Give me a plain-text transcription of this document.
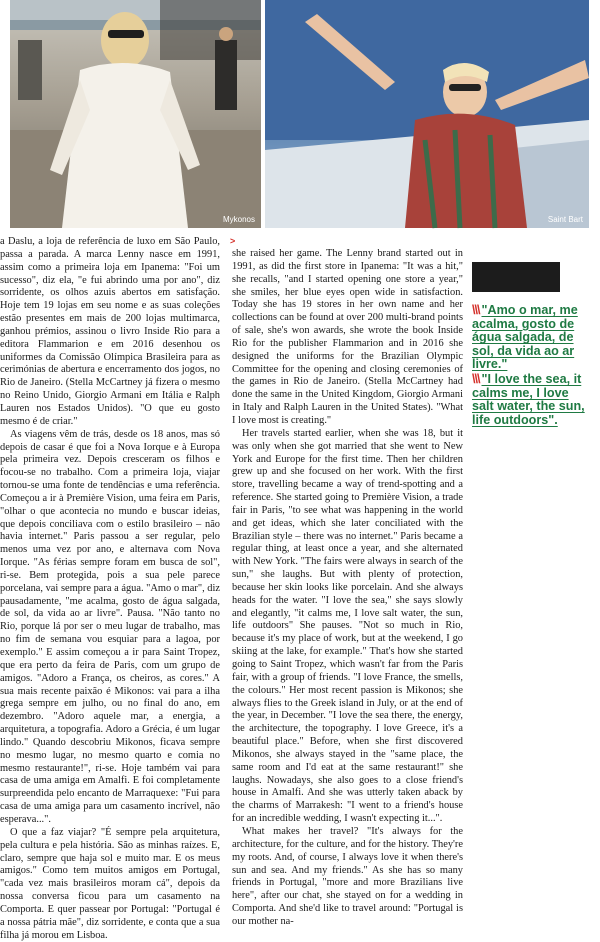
Mykonos	Saint Bart
>

a Daslu, a loja de referência de luxo em São Paulo, passa a parada. A marca Lenny nasce em 1991, assim como a primeira loja em Ipanema: "Foi um sucesso", diz ela, "e fui abrindo uma por ano", diz sorridente, os olhos azuis abertos em satisfação. Hoje tem 19 lojas em seu nome e as suas coleções estão presentes em mais de 200 lojas multimarca, ganhou prémios, assinou o livro Inside Rio para a editora Flammarion e em 2016 desenhou os uniformes da Comissão Olímpica Brasileira para as cerimónias de abertura e encerramento dos jogos, no Rio de Janeiro. (Stella McCartney já fizera o mesmo no Reino Unido, Giorgio Armani em Itália e Ralph Lauren nos Estados Unidos). "O que eu gosto mesmo é de criar."

As viagens vêm de trás, desde os 18 anos, mas só depois de casar é que foi a Nova Iorque e à Europa pela primeira vez. Depois cresceram os filhos e focou-se no trabalho. Com a primeira loja, viajar tornou-se uma fonte de tendências e uma referência. Começou a ir à Première Vision, uma feira em Paris, "olhar o que acontecia no mundo e buscar ideias, que depois conciliava com o estilo brasileiro – não havia internet." Paris passou a ser regular, pelo menos uma vez por ano, e alternava com Nova Iorque. "As férias sempre foram em busca de sol", ri-se. Bem protegida, pois a sua pele parece porcelana, vai sempre para a água. "Amo o mar", diz pausadamente, "me acalma, gosto de água salgada, de sol, da vida ao ar livre". Pausa. "Não tanto no Rio, porque lá por ser o meu lugar de trabalho, mas no fim de semana vou esquiar para a lagoa, por exemplo." E assim começou a ir para Saint Tropez, que era perto da feira de Paris, com um grupo de amigos. "Adoro a França, os cheiros, as cores." A sua mais recente paixão é Mikonos: vai para a ilha grega sempre em julho, ou no final do ano, em dezembro. "Adoro aquele mar, a energia, a arquitetura, a topografia. Adoro a Grécia, é um lugar lindo." Quando descobriu Mikonos, ficava sempre no mesmo lugar, no mesmo quarto e comia no mesmo restaurante!", ri-se. Hoje também vai para casa de uma amiga em Amalfi. E foi completamente surpreendida pelo encanto de Marraquexe: "Fui para casa de uma amiga para um casamento incrível, não esperava...".

O que a faz viajar? "É sempre pela arquitetura, pela cultura e pela história. São as minhas raízes. E, claro, sempre que haja sol e muito mar. E os meus amigos." Como tem muitos amigos em Portugal, "cada vez mais brasileiros moram cá", depois da nossa conversa ficou para um casamento na Comporta. E quer passear por Portugal: "Portugal é a nossa pátria mãe", diz sorridente, e conta que a sua filha já morou em Lisboa.

she raised her game. The Lenny brand started out in 1991, as did the first store in Ipanema: "It was a hit," she recalls, "and I started opening one store a year," she smiles, her blue eyes open wide in satisfaction. Today she has 19 stores in her own name and her collections can be found at over 200 multi-brand points of sale, she's won awards, she wrote the book Inside Rio for the publisher Flammarion and in 2016 she designed the uniforms for the Brazilian Olympic Committee for the opening and closing ceremonies of the games in Rio de Janeiro. (Stella McCartney had done the same in the United Kingdom, Giorgio Armani in Italy and Ralph Lauren in the United States). "What I love most is creating."

Her travels started earlier, when she was 18, but it was only when she got married that she went to New York and Europe for the first time. Then her children grew up and she focused on her work. With the first store, travelling became a way of trend-spotting and a reference. She started going to Première Vision, a trade fair in Paris, "to see what was happening in the world and get ideas, which she later conciliated with the Brazilian style – there was no internet." Paris became a regular thing, at least once a year, and she alternated with New York. "The fairs were always in search of the sun," she laughs. But with plenty of protection, because her skin looks like porcelain. And she always heads for the water. "I love the sea," she says slowly and elegantly, "it calms me, I love salt water, the sun, life outdoors" She pauses. "Not so much in Rio, because it's my place of work, but at the weekend, I go skiing at the lake, for example." That's how she started going to Saint Tropez, which wasn't far from the Paris fair, with a group of friends. "I love France, the smells, the colours." Her most recent passion is Mikonos; she always flies to the Greek island in July, or at the end of the year, in December. "I love the sea there, the energy, the architecture, the topography. I love Greece, it's a beautiful place." Before, when she first discovered Mikonos, she always stayed in the "same place, the same room and I'd eat at the same restaurant!" she laughs. Nowadays, she also goes to a close friend's house in Amalfi. And she was utterly taken aback by the charms of Marrakesh: "I went to a friend's house for an incredible wedding, I wasn't expecting it...".

What makes her travel? "It's always for the architecture, for the culture, and for the history. They're my roots. And, of course, I always love it when there's sun and sea. And my friends." As she has so many friends in Portugal, "more and more Brazilians live here", after our chat, she stayed on for a wedding in Comporta. And she'd like to travel around: "Portugal is our mother na-

\\\ "Amo o mar, me acalma, gosto de água salgada, de sol, da vida ao ar livre."
\\\ "I love the sea, it calms me, I love salt water, the sun, life outdoors".
